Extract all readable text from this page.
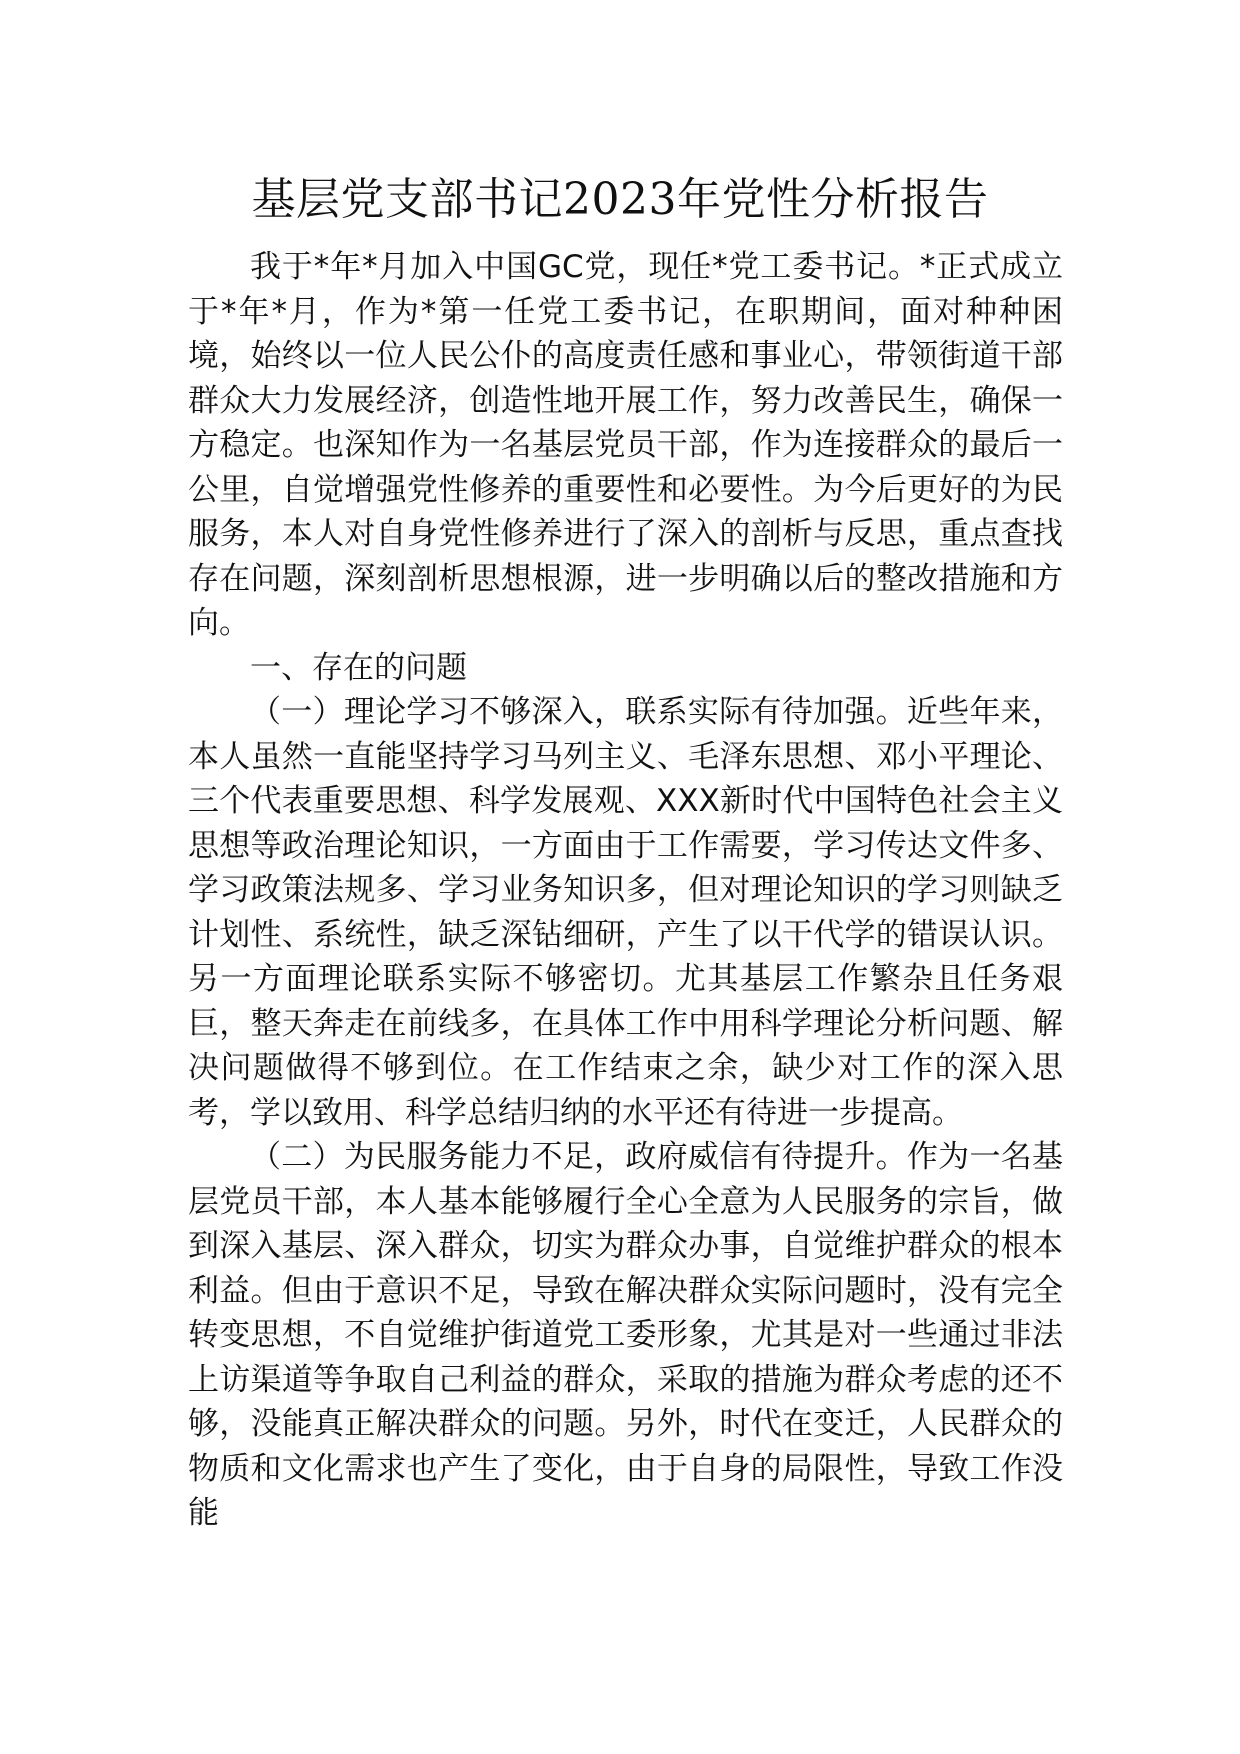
基层党支部书记2023年党性分析报告

我于*年*月加入中国GC党，现任*党工委书记。*正式成立于*年*月，作为*第一任党工委书记，在职期间，面对种种困境，始终以一位人民公仆的高度责任感和事业心，带领街道干部群众大力发展经济，创造性地开展工作，努力改善民生，确保一方稳定。也深知作为一名基层党员干部，作为连接群众的最后一公里，自觉增强党性修养的重要性和必要性。为今后更好的为民服务，本人对自身党性修养进行了深入的剖析与反思，重点查找存在问题，深刻剖析思想根源，进一步明确以后的整改措施和方向。

一、存在的问题

（一）理论学习不够深入，联系实际有待加强。近些年来，本人虽然一直能坚持学习马列主义、毛泽东思想、邓小平理论、三个代表重要思想、科学发展观、XXX新时代中国特色社会主义思想等政治理论知识，一方面由于工作需要，学习传达文件多、学习政策法规多、学习业务知识多，但对理论知识的学习则缺乏计划性、系统性，缺乏深钻细研，产生了以干代学的错误认识。另一方面理论联系实际不够密切。尤其基层工作繁杂且任务艰巨，整天奔走在前线多，在具体工作中用科学理论分析问题、解决问题做得不够到位。在工作结束之余，缺少对工作的深入思考，学以致用、科学总结归纳的水平还有待进一步提高。

（二）为民服务能力不足，政府威信有待提升。作为一名基层党员干部，本人基本能够履行全心全意为人民服务的宗旨，做到深入基层、深入群众，切实为群众办事，自觉维护群众的根本利益。但由于意识不足，导致在解决群众实际问题时，没有完全转变思想，不自觉维护街道党工委形象，尤其是对一些通过非法上访渠道等争取自己利益的群众，采取的措施为群众考虑的还不够，没能真正解决群众的问题。另外，时代在变迁，人民群众的物质和文化需求也产生了变化，由于自身的局限性，导致工作没能
